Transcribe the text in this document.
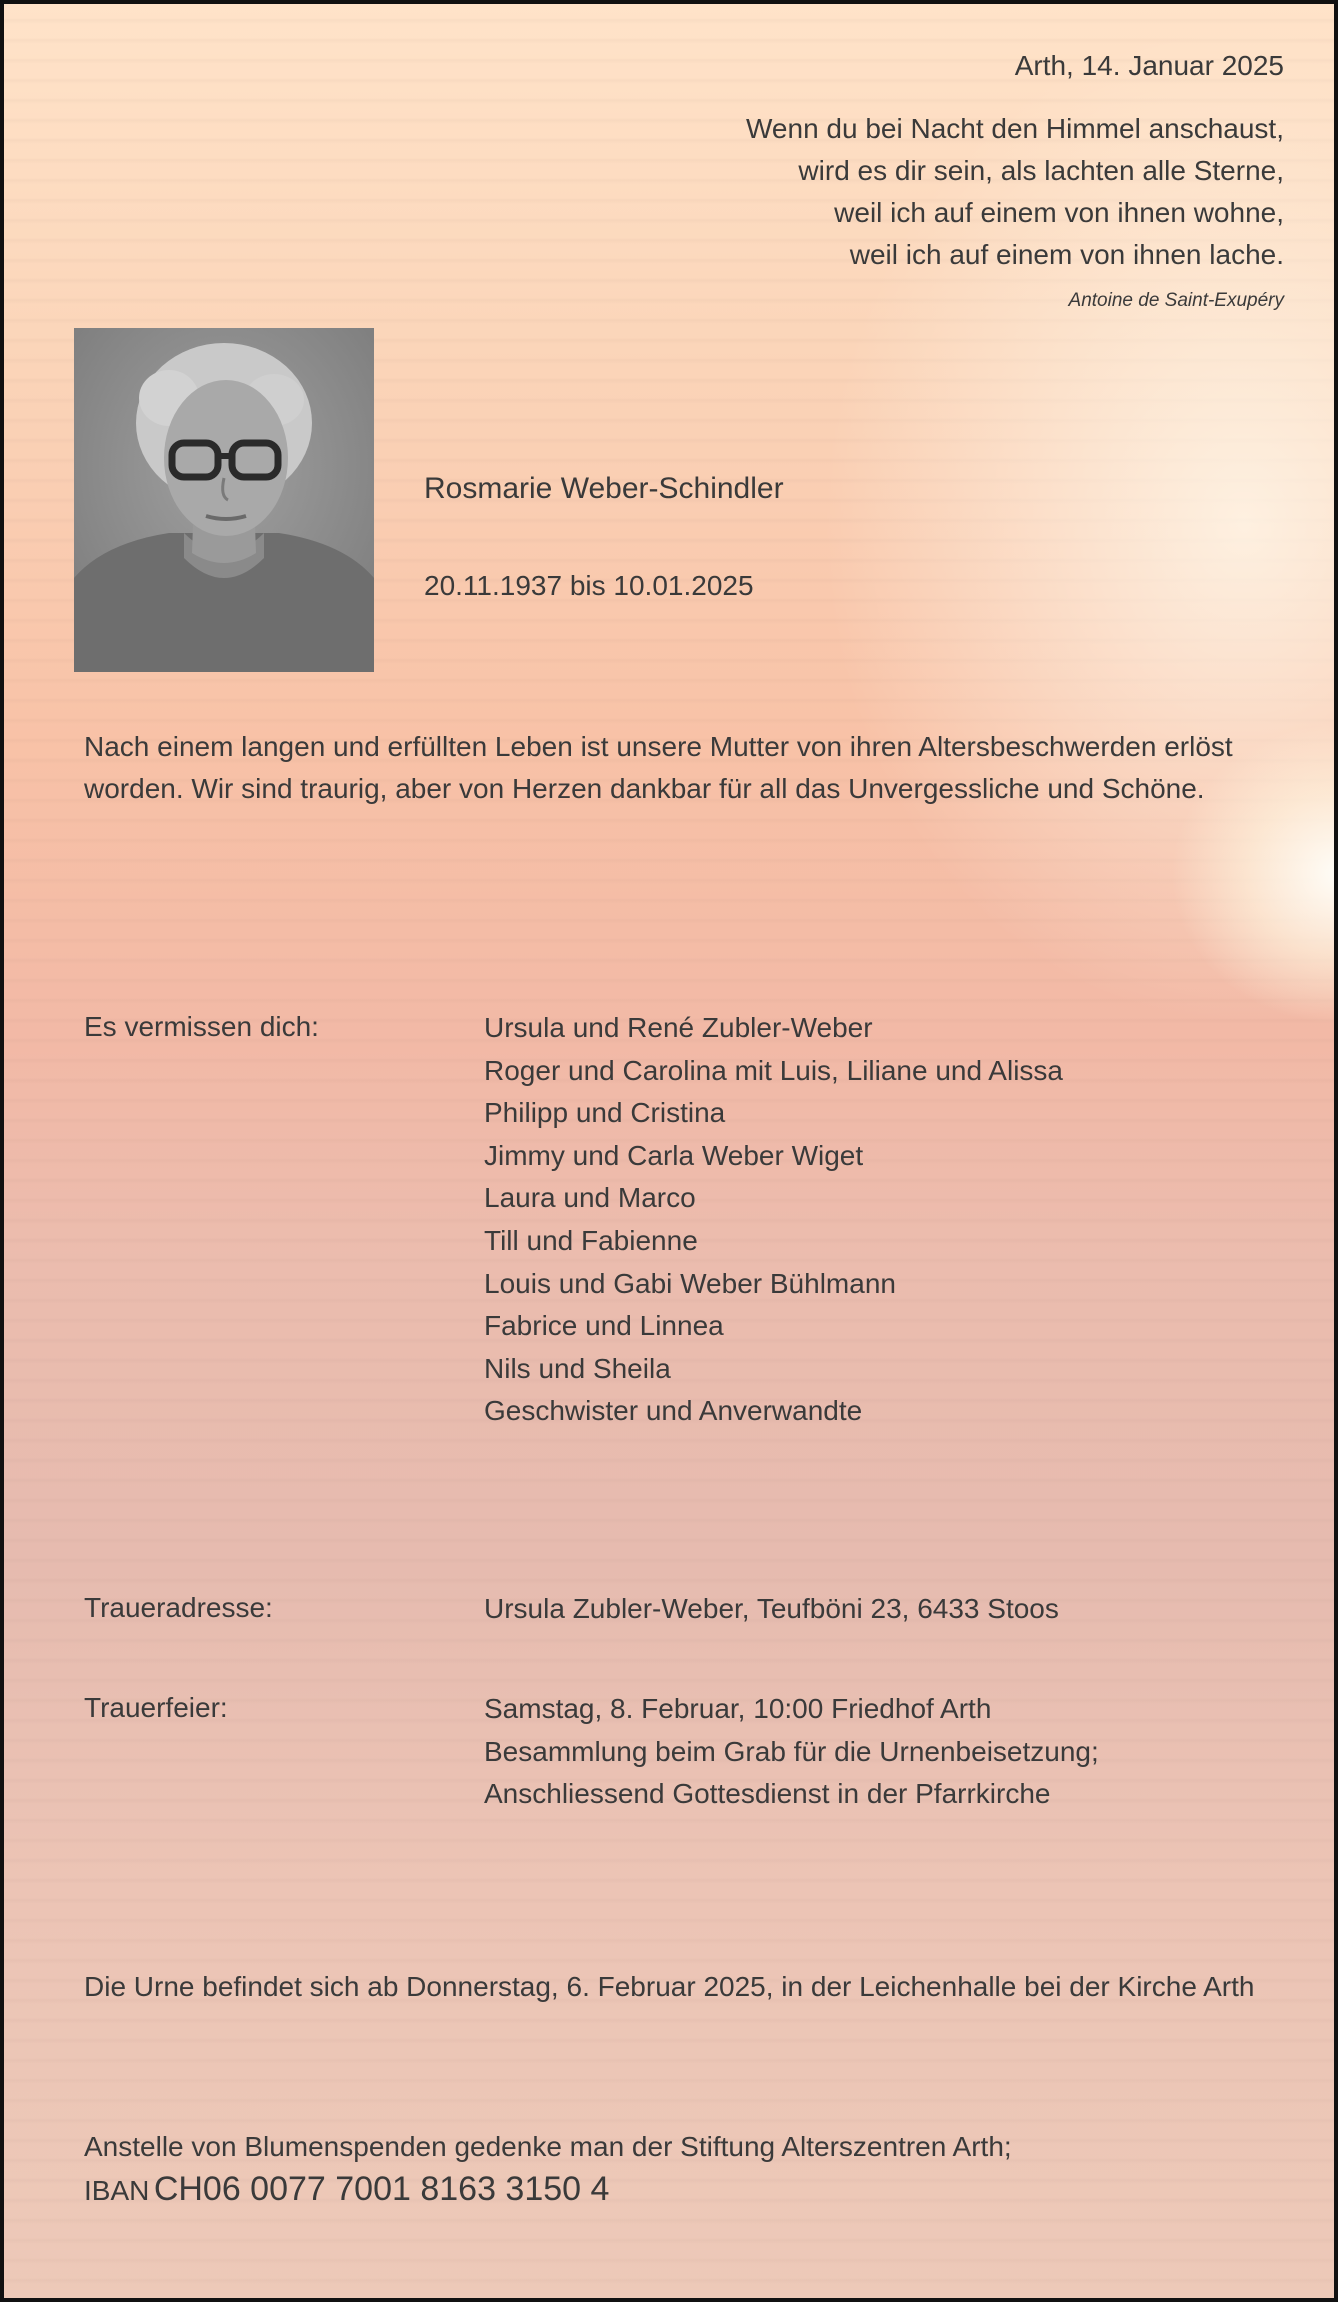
Arth, 14. Januar 2025
Wenn du bei Nacht den Himmel anschaust,
wird es dir sein, als lachten alle Sterne,
weil ich auf einem von ihnen wohne,
weil ich auf einem von ihnen lache.
Antoine de Saint-Exupéry
Rosmarie Weber-Schindler
20.11.1937 bis 10.01.2025
Nach einem langen und erfüllten Leben ist unsere Mutter von ihren Altersbeschwerden erlöst worden. Wir sind traurig, aber von Herzen dankbar für all das Unvergessliche und Schöne.
Es vermissen dich:	Ursula und René Zubler-Weber
Roger und Carolina mit Luis, Liliane und Alissa
Philipp und Cristina
Jimmy und Carla Weber Wiget
Laura und Marco
Till und Fabienne
Louis und Gabi Weber Bühlmann
Fabrice und Linnea
Nils und Sheila
Geschwister und Anverwandte
Traueradresse:	Ursula Zubler-Weber, Teufböni 23, 6433 Stoos
Trauerfeier:	Samstag, 8. Februar, 10:00 Friedhof Arth
Besammlung beim Grab für die Urnenbeisetzung;
Anschliessend Gottesdienst in der Pfarrkirche
Die Urne befindet sich ab Donnerstag, 6. Februar 2025, in der Leichenhalle bei der Kirche Arth
Anstelle von Blumenspenden gedenke man der Stiftung Alterszentren Arth;
IBAN CH06 0077 7001 8163 3150 4
